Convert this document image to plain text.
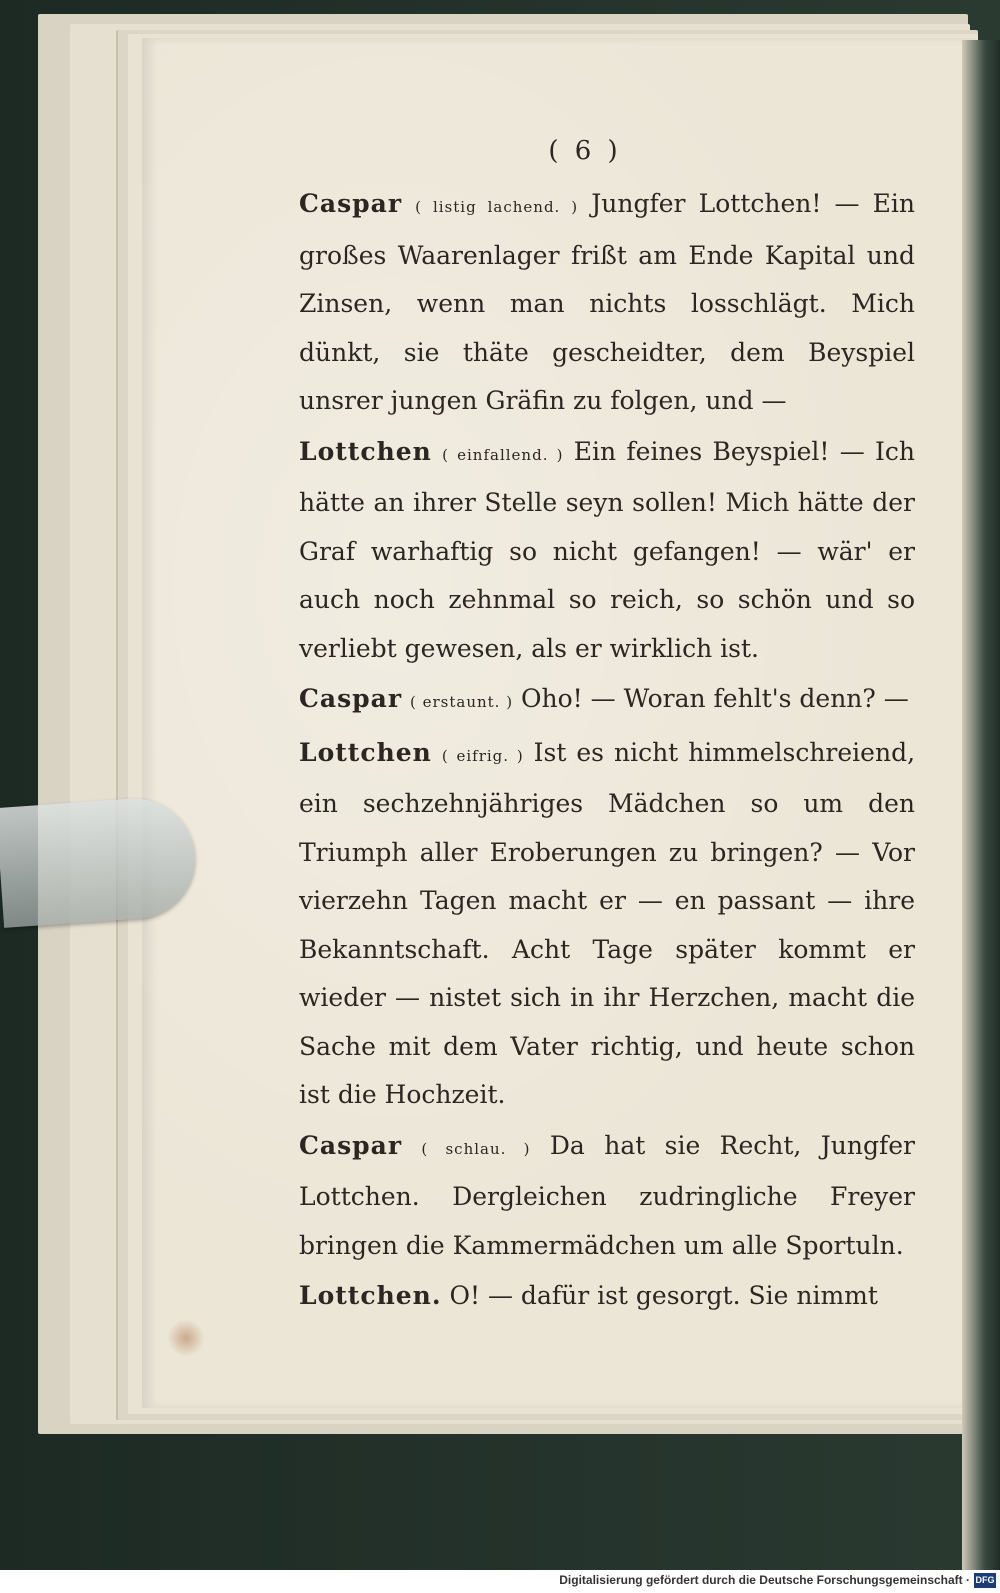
( 6 )

Caspar ( listig lachend. ) Jungfer Lottchen! — Ein großes Waarenlager frißt am Ende Kapital und Zinsen, wenn man nichts losschlägt. Mich dünkt, sie thäte gescheidter, dem Beyspiel unsrer jungen Gräfin zu folgen, und —

Lottchen ( einfallend. ) Ein feines Beyspiel! — Ich hätte an ihrer Stelle seyn sollen! Mich hätte der Graf warhaftig so nicht gefangen! — wär' er auch noch zehnmal so reich, so schön und so verliebt gewesen, als er wirklich ist.

Caspar ( erstaunt. ) Oho! — Woran fehlt's denn? —

Lottchen ( eifrig. ) Ist es nicht himmelschreiend, ein sechzehnjähriges Mädchen so um den Triumph aller Eroberungen zu bringen? — Vor vierzehn Tagen macht er — en passant — ihre Bekanntschaft. Acht Tage später kommt er wieder — nistet sich in ihr Herzchen, macht die Sache mit dem Vater richtig, und heute schon ist die Hochzeit.

Caspar ( schlau. ) Da hat sie Recht, Jungfer Lottchen. Dergleichen zudringliche Freyer bringen die Kammermädchen um alle Sportuln.

Lottchen. O! — dafür ist gesorgt. Sie nimmt

Digitalisierung gefördert durch die Deutsche Forschungsgemeinschaft · DFG
